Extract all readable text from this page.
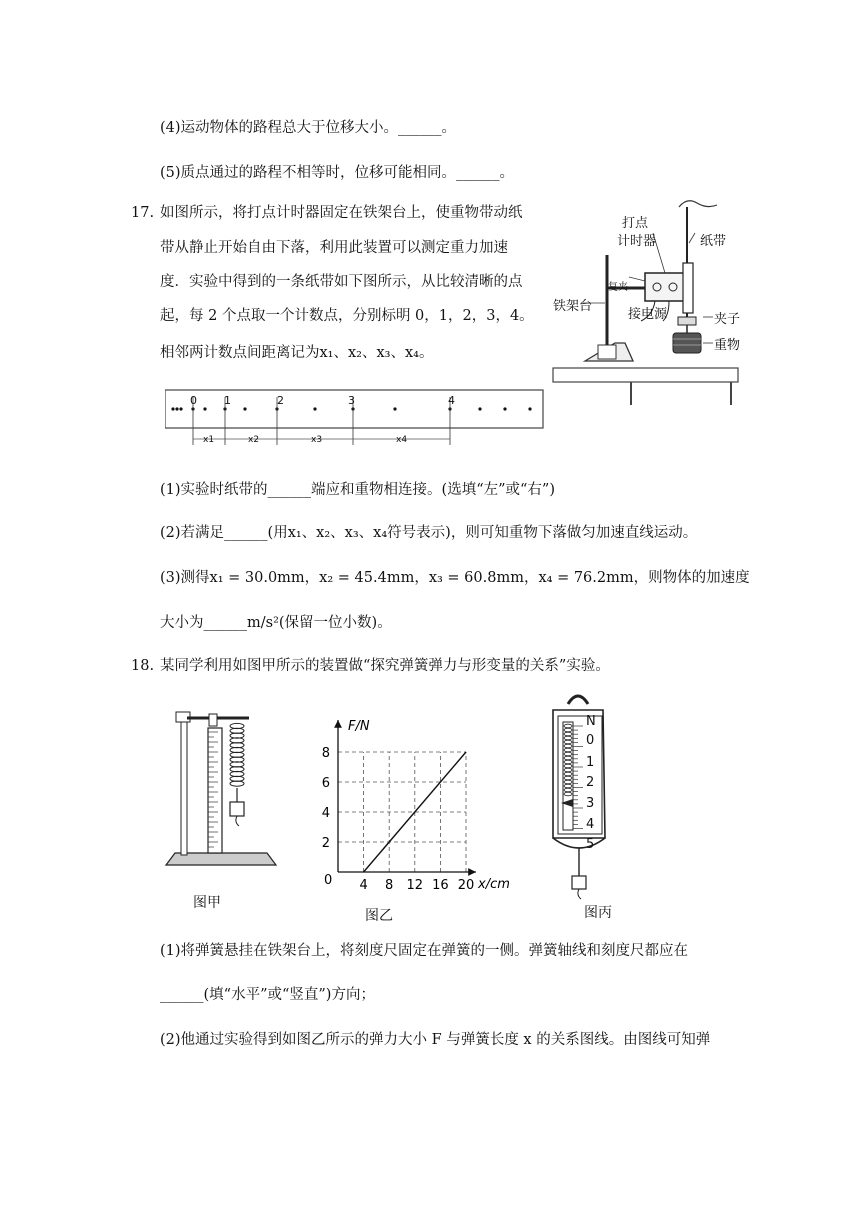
(4)运动物体的路程总大于位移大小。______。
(5)质点通过的路程不相等时，位移可能相同。______。
17. 如图所示，将打点计时器固定在铁架台上，使重物带动纸
带从静止开始自由下落，利用此装置可以测定重力加速
度．实验中得到的一条纸带如下图所示，从比较清晰的点
起，每 2 个点取一个计数点，分别标明 0，1，2，3，4。
相邻两计数点间距离记为x₁、x₂、x₃、x₄。
打点
计时器	纸带
铁架台
接电源	夹子
重物
复夹
0 1	2	3	4
x1	x2	x3	x4
(1)实验时纸带的______端应和重物相连接。(选填“左”或“右”)
(2)若满足______(用x₁、x₂、x₃、x₄符号表示)，则可知重物下落做匀加速直线运动。
(3)测得x₁ = 30.0mm，x₂ = 45.4mm，x₃ = 60.8mm，x₄ = 76.2mm，则物体的加速度
大小为______m/s²(保留一位小数)。
18. 某同学利用如图甲所示的装置做“探究弹簧弹力与形变量的关系”实验。
图甲
4 8 12 16 20
2
4
6
8
0
F/N
x/cm
图乙
N
0
1
2
3
4
5
图丙
(1)将弹簧悬挂在铁架台上，将刻度尺固定在弹簧的一侧。弹簧轴线和刻度尺都应在
______(填“水平”或“竖直”)方向；
(2)他通过实验得到如图乙所示的弹力大小 F 与弹簧长度 x 的关系图线。由图线可知弹
